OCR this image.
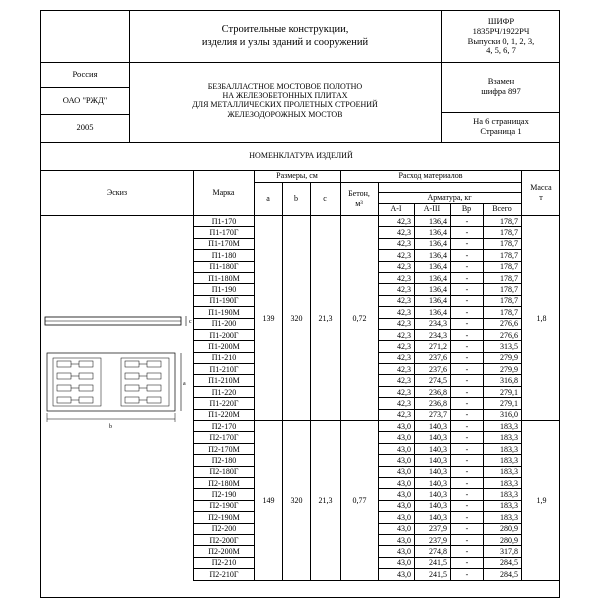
Строительные конструкции,
изделия и узлы зданий и сооружений
ШИФР
1835РЧ/1922РЧ
Выпуски 0, 1, 2, 3,
4, 5, 6, 7
Россия
ОАО "РЖД"
2005
БЕЗБАЛЛАСТНОЕ МОСТОВОЕ ПОЛОТНО
НА ЖЕЛЕЗОБЕТОННЫХ ПЛИТАХ
ДЛЯ МЕТАЛЛИЧЕСКИХ ПРОЛЕТНЫХ СТРОЕНИЙ
ЖЕЛЕЗОДОРОЖНЫХ МОСТОВ
Взамен
шифра 897
На 6 страницах
Страница 1
НОМЕНКЛАТУРА ИЗДЕЛИЙ
Эскиз	Марка
Размеры, см
a	b	c
Расход материалов
Бетон,
м³
Арматура, кг
А-I	А-III	Вр	Всего
Масса
т
П1-170	139	320	21,3	0,72	42,3	136,4	-	178,7	1,8
П1-170Г					42,3	136,4	-	178,7	
П1-170М					42,3	136,4	-	178,7	
П1-180					42,3	136,4	-	178,7	
П1-180Г					42,3	136,4	-	178,7	
П1-180М					42,3	136,4	-	178,7	
П1-190					42,3	136,4	-	178,7	
П1-190Г					42,3	136,4	-	178,7	
П1-190М					42,3	136,4	-	178,7	
П1-200					42,3	234,3	-	276,6	
П1-200Г					42,3	234,3	-	276,6	
П1-200М					42,3	271,2	-	313,5	
П1-210					42,3	237,6	-	279,9	
П1-210Г					42,3	237,6	-	279,9	
П1-210М					42,3	274,5	-	316,8	
П1-220					42,3	236,8	-	279,1	
П1-220Г					42,3	236,8	-	279,1	
П1-220М					42,3	273,7	-	316,0	
П2-170	149	320	21,3	0,77	43,0	140,3	-	183,3	1,9
П2-170Г					43,0	140,3	-	183,3	
П2-170М					43,0	140,3	-	183,3	
П2-180					43,0	140,3	-	183,3	
П2-180Г					43,0	140,3	-	183,3	
П2-180М					43,0	140,3	-	183,3	
П2-190					43,0	140,3	-	183,3	
П2-190Г					43,0	140,3	-	183,3	
П2-190М					43,0	140,3	-	183,3	
П2-200					43,0	237,9	-	280,9	
П2-200Г					43,0	237,9	-	280,9	
П2-200М					43,0	274,8	-	317,8	
П2-210					43,0	241,5	-	284,5	
П2-210Г					43,0	241,5	-	284,5	
c
a
b
